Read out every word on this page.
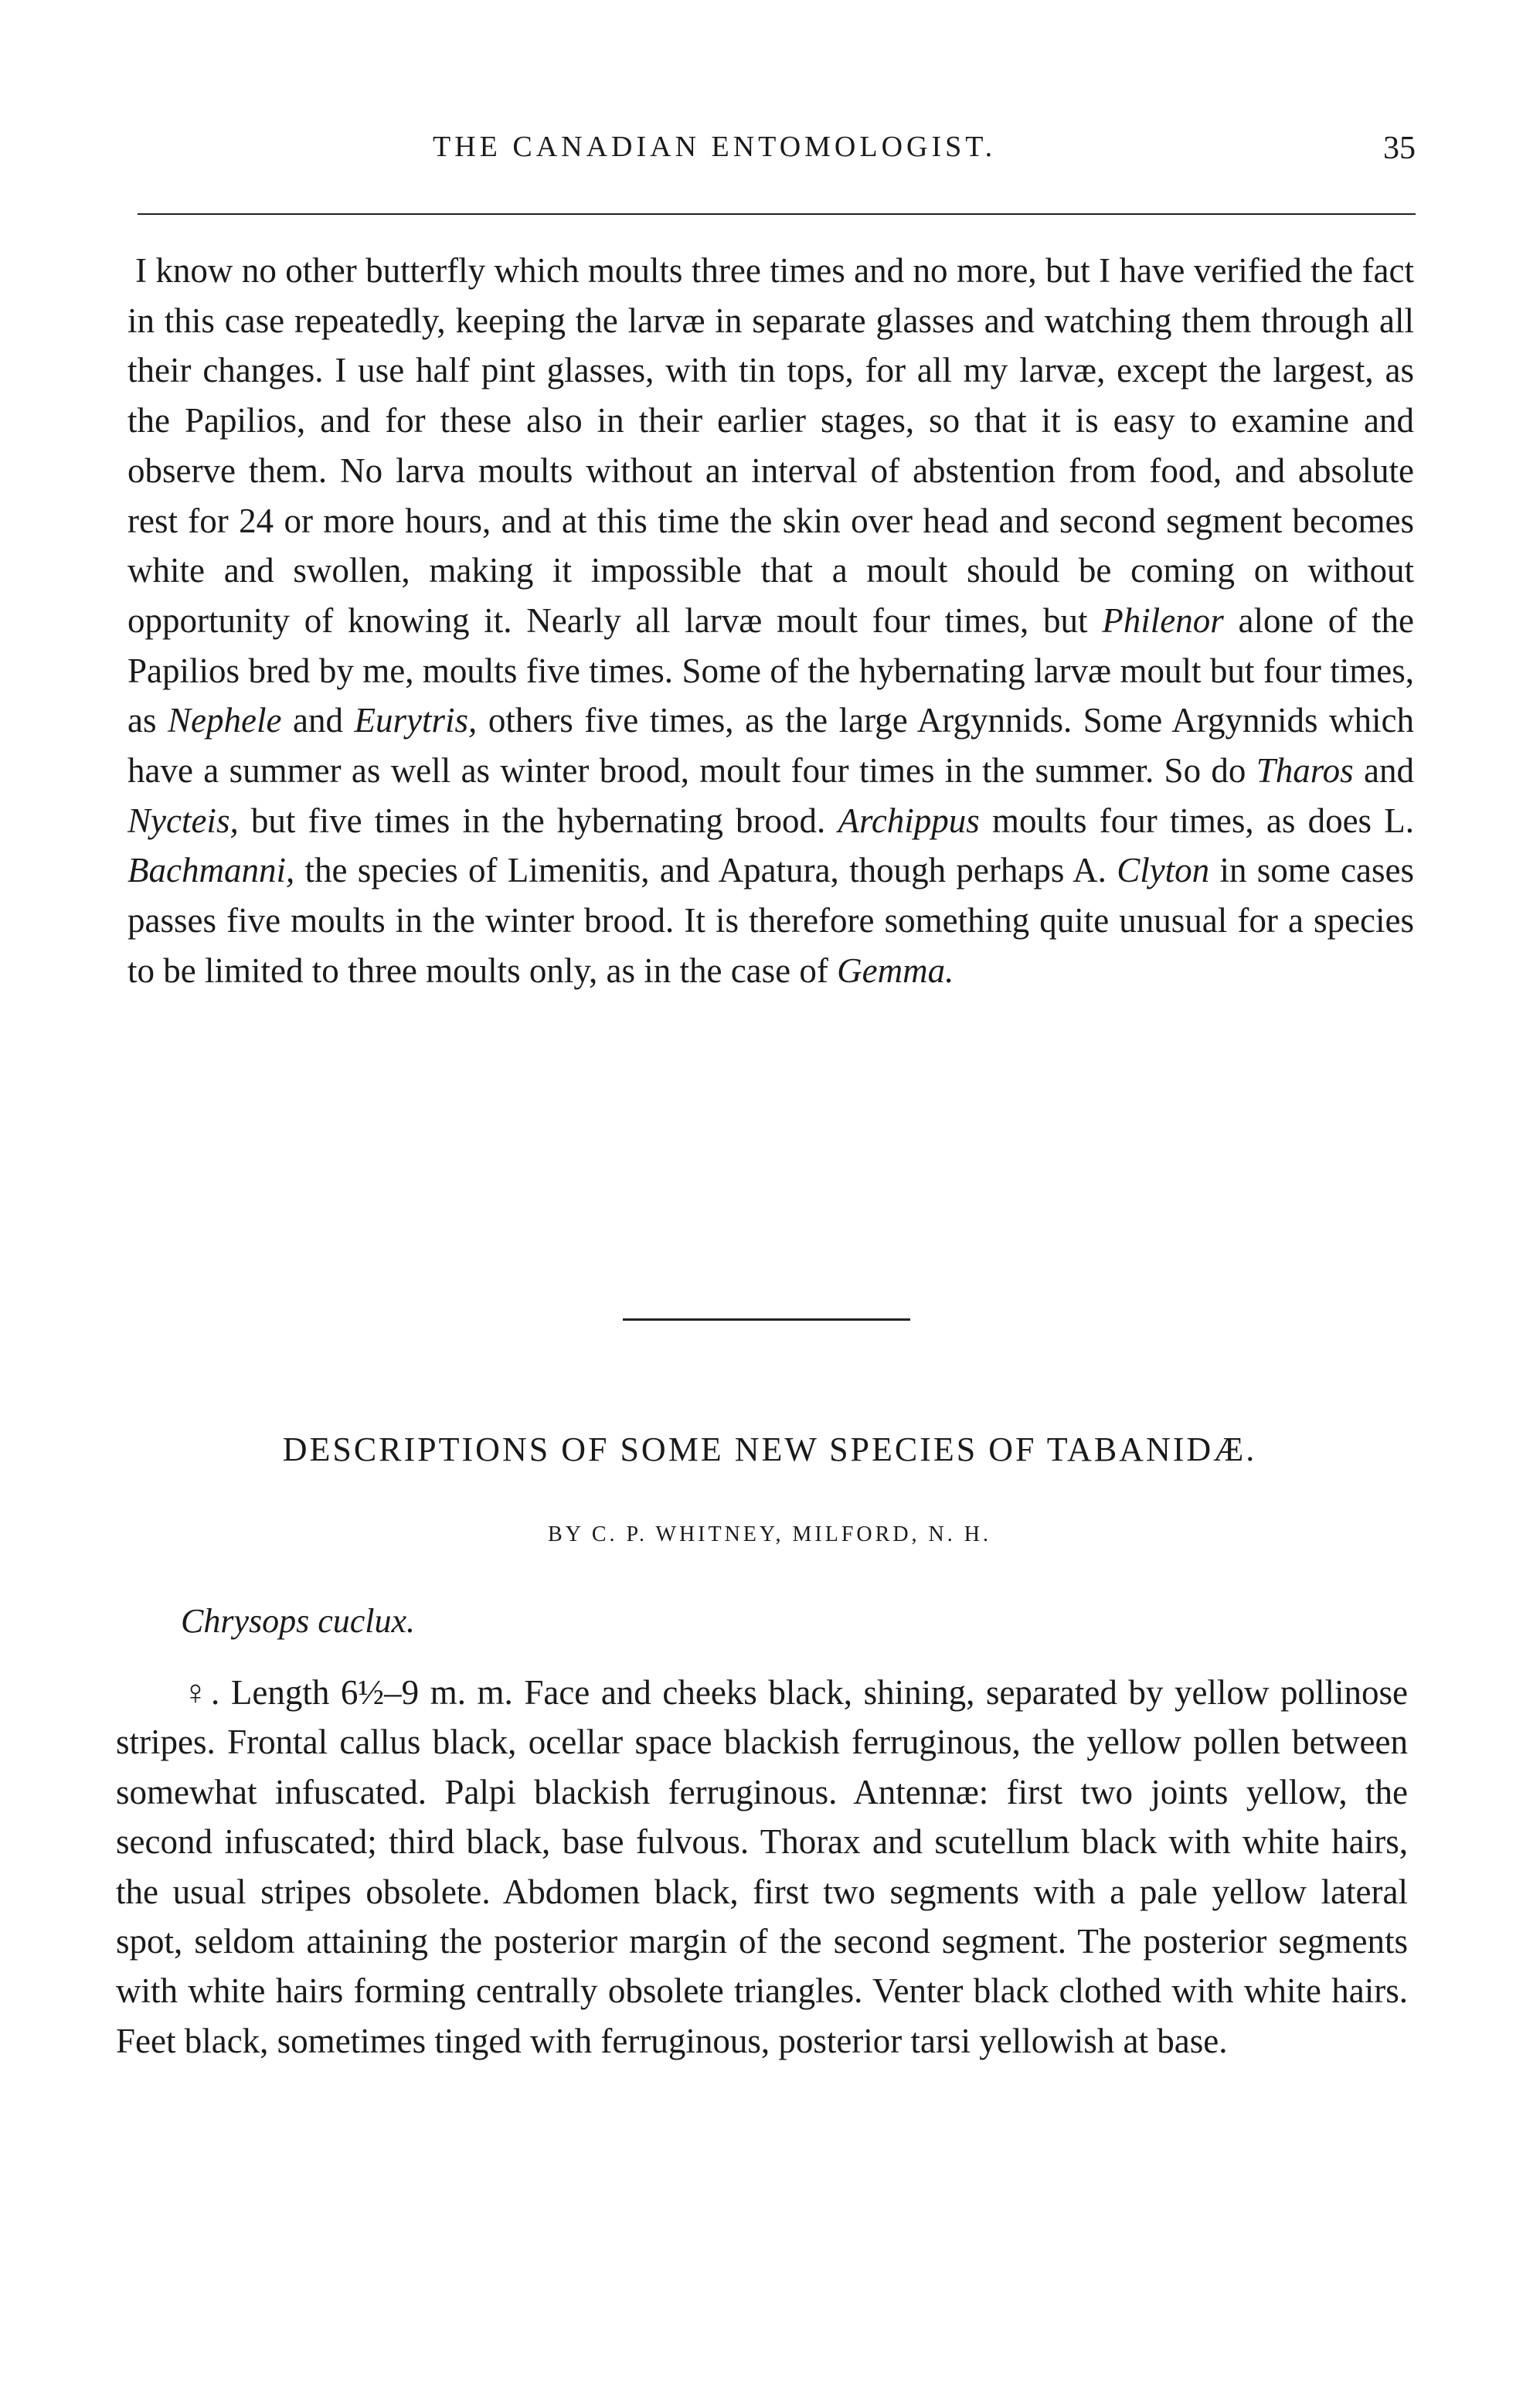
THE CANADIAN ENTOMOLOGIST.	35

I know no other butterfly which moults three times and no more, but I have verified the fact in this case repeatedly, keeping the larvæ in separate glasses and watching them through all their changes. I use half pint glasses, with tin tops, for all my larvæ, except the largest, as the Papilios, and for these also in their earlier stages, so that it is easy to examine and observe them. No larva moults without an interval of abstention from food, and absolute rest for 24 or more hours, and at this time the skin over head and second segment becomes white and swollen, making it impossible that a moult should be coming on without opportunity of knowing it. Nearly all larvæ moult four times, but Philenor alone of the Papilios bred by me, moults five times. Some of the hybernating larvæ moult but four times, as Nephele and Eurytris, others five times, as the large Argynnids. Some Argynnids which have a summer as well as winter brood, moult four times in the summer. So do Tharos and Nycteis, but five times in the hybernating brood. Archippus moults four times, as does L. Bachmanni, the species of Limenitis, and Apatura, though perhaps A. Clyton in some cases passes five moults in the winter brood. It is therefore something quite unusual for a species to be limited to three moults only, as in the case of Gemma.

DESCRIPTIONS OF SOME NEW SPECIES OF TABANIDÆ.
BY C. P. WHITNEY, MILFORD, N. H.
Chrysops cuclux.

♀. Length 6½–9 m. m. Face and cheeks black, shining, separated by yellow pollinose stripes. Frontal callus black, ocellar space blackish ferruginous, the yellow pollen between somewhat infuscated. Palpi blackish ferruginous. Antennæ: first two joints yellow, the second infuscated; third black, base fulvous. Thorax and scutellum black with white hairs, the usual stripes obsolete. Abdomen black, first two segments with a pale yellow lateral spot, seldom attaining the posterior margin of the second segment. The posterior segments with white hairs forming centrally obsolete triangles. Venter black clothed with white hairs. Feet black, sometimes tinged with ferruginous, posterior tarsi yellowish at base.
